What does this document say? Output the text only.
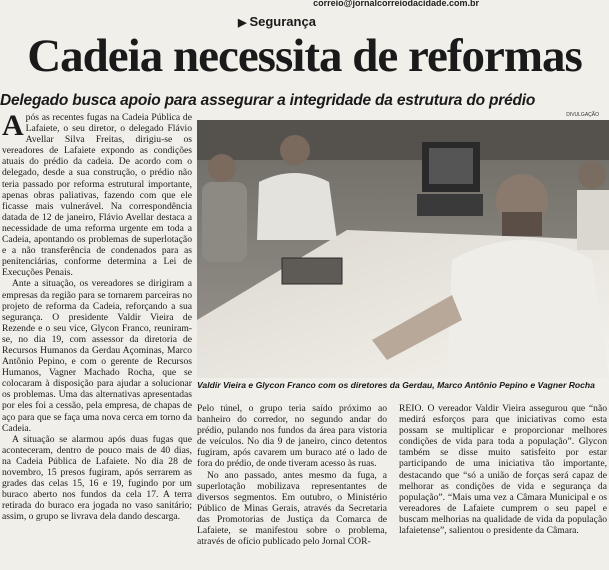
correio@jornalcorreiodacidade.com.br
▶ Segurança
Cadeia necessita de reformas
Delegado busca apoio para assegurar a integridade da estrutura do prédio
DIVULGAÇÃO
Valdir Vieira e Glycon Franco com os diretores da Gerdau, Marco Antônio Pepino e Vagner Rocha
A pós as recentes fugas na Cadeia Pública de Lafaiete, o seu diretor, o delegado Flávio Avellar Silva Freitas, dirigiu-se os vereadores de Lafaiete expondo as condições atuais do prédio da cadeia. De acordo com o delegado, desde a sua construção, o prédio não teria passado por reforma estrutural importante, apenas obras paliativas, fazendo com que ele ficasse mais vulnerável. Na correspondência datada de 12 de janeiro, Flávio Avellar destaca a necessidade de uma reforma urgente em toda a Cadeia, apontando os problemas de superlotação e a não transferência de condenados para as penitenciárias, conforme determina a Lei de Execuções Penais.

Ante a situação, os vereadores se dirigiram a empresas da região para se tornarem parceiras no projeto de reforma da Cadeia, reforçando a sua segurança. O presidente Valdir Vieira de Rezende e o seu vice, Glycon Franco, reuniram-se, no dia 19, com assessor da diretoria de Recursos Humanos da Gerdau Açominas, Marco Antônio Pepino, e com o gerente de Recursos Humanos, Vagner Machado Rocha, que se colocaram à disposição para ajudar a solucionar os problemas. Uma das alternativas apresentadas por eles foi a cessão, pela empresa, de chapas de aço para que se faça uma nova cerca em torno da Cadeia.

A situação se alarmou após duas fugas que aconteceram, dentro de pouco mais de 40 dias, na Cadeia Pública de Lafaiete. No dia 28 de novembro, 15 presos fugiram, após serrarem as grades das celas 15, 16 e 19, fugindo por um buraco aberto nos fundos da cela 17. A terra retirada do buraco era jogada no vaso sanitário; assim, o grupo se livrava dela dando descarga.

Pelo túnel, o grupo teria saído próximo ao banheiro do corredor, no segundo andar do prédio, pulando nos fundos da área para vistoria de veículos. No dia 9 de janeiro, cinco detentos fugiram, após cavarem um buraco até o lado de fora do prédio, de onde tiveram acesso às ruas.

No ano passado, antes mesmo da fuga, a superlotação mobilizava representantes de diversos segmentos. Em outubro, o Ministério Público de Minas Gerais, através da Secretaria das Promotorias de Justiça da Comarca de Lafaiete, se manifestou sobre o problema, através de ofício publicado pelo Jornal COR-

REIO. O vereador Valdir Vieira assegurou que “não medirá esforços para que iniciativas como esta possam se multiplicar e proporcionar melhores condições de vida para toda a população”. Glycon também se disse muito satisfeito por estar participando de uma iniciativa tão importante, destacando que “só a união de forças será capaz de melhorar as condições de vida e segurança da população”. “Mais uma vez a Câmara Municipal e os vereadores de Lafaiete cumprem o seu papel e buscam melhorias na qualidade de vida da população lafaietense”, salientou o presidente da Câmara.
